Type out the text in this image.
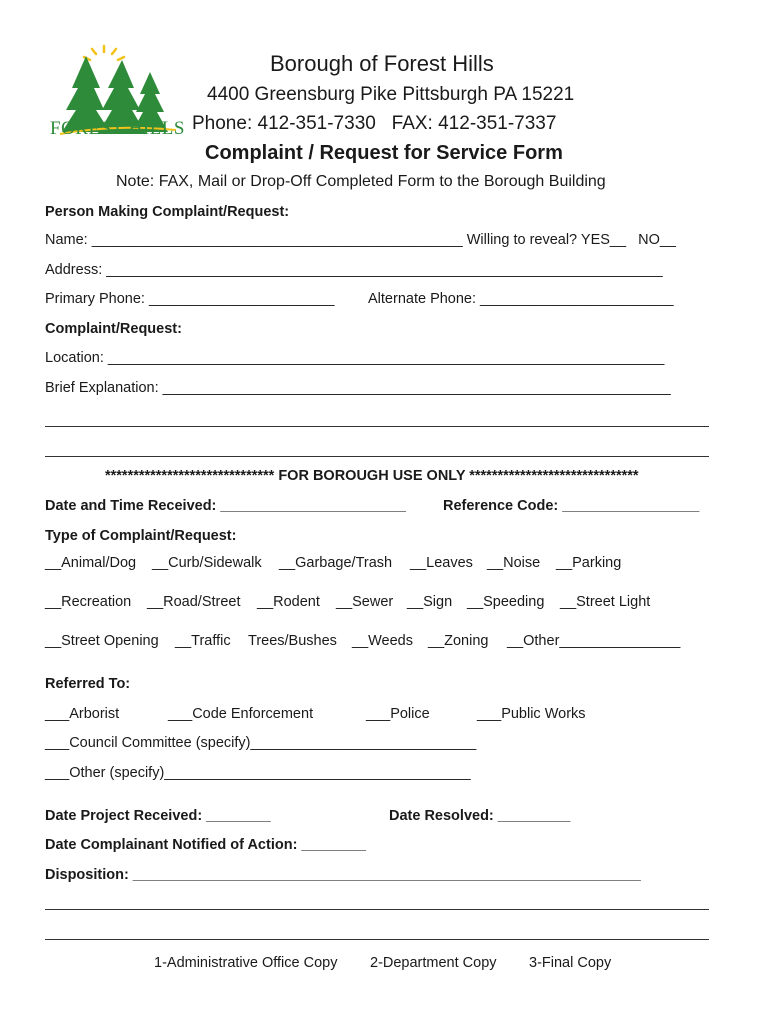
FOREST HILLS
Borough of Forest Hills
4400 Greensburg Pike Pittsburgh PA 15221
Phone: 412-351-7330   FAX: 412-351-7337
Complaint / Request for Service Form
Note: FAX, Mail or Drop-Off Completed Form to the Borough Building
Person Making Complaint/Request:
Name: ______________________________________________ Willing to reveal? YES__   NO__
Address: _____________________________________________________________________
Primary Phone: _______________________ Alternate Phone: ________________________
Complaint/Request:
Location: _____________________________________________________________________
Brief Explanation: _______________________________________________________________
****************************** FOR BOROUGH USE ONLY ******************************
Date and Time Received: _______________________	Reference Code: _________________
Type of Complaint/Request:
__Animal/Dog __Curb/Sidewalk __Garbage/Trash __Leaves __Noise __Parking
__Recreation __Road/Street __Rodent __Sewer __Sign __Speeding __Street Light
__Street Opening __Traffic Trees/Bushes __Weeds __Zoning __Other_______________
Referred To:
___Arborist	___Code Enforcement	___Police	___Public Works
___Council Committee (specify)____________________________
___Other (specify)______________________________________
Date Project Received: ________	Date Resolved: _________
Date Complainant Notified of Action: ________
Disposition: _______________________________________________________________
1-Administrative Office Copy 2-Department Copy 3-Final Copy
